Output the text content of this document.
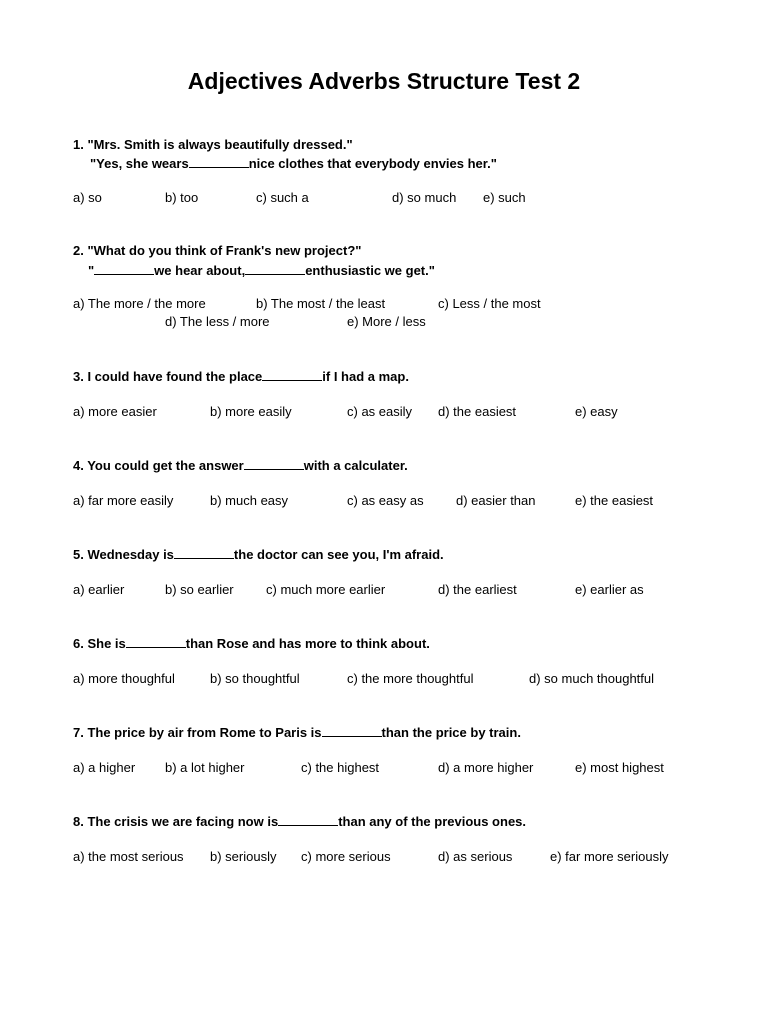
Adjectives Adverbs Structure Test 2
1. "Mrs. Smith is always beautifully dressed."
"Yes, she wears	nice clothes that everybody envies her."
a) so	b) too	c) such a	d) so much e) such
2. "What do you think of Frank's new project?"
"	we hear about,	enthusiastic we get."
a) The more / the more	b) The most / the least	c) Less / the most
d) The less / more	e) More / less
3. I could have found the place	if I had a map.
a) more easier	b) more easily	c) as easily d) the easiest	e) easy
4. You could get the answer	with a calculater.
a) far more easily	b) much easy	c) as easy as d) easier than	e) the easiest
5. Wednesday is	the doctor can see you, I'm afraid.
a) earlier	b) so earlier c) much more earlier	d) the earliest	e) earlier as
6. She is	than Rose and has more to think about.
a) more thoughful	b) so thoughtful	c) the more thoughtful	d) so much thoughtful
7. The price by air from Rome to Paris is	than the price by train.
a) a higher b) a lot higher	c) the highest	d) a more higher	e) most highest
8. The crisis we are facing now is	than any of the previous ones.
a) the most serious b) seriously c) more serious	d) as serious	e) far more seriously
